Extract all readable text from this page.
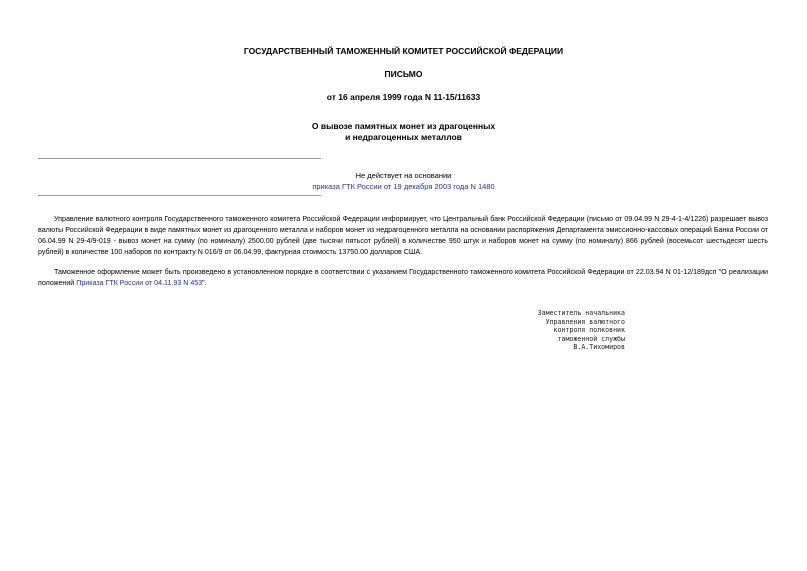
ГОСУДАРСТВЕННЫЙ ТАМОЖЕННЫЙ КОМИТЕТ РОССИЙСКОЙ ФЕДЕРАЦИИ
ПИСЬМО
от 16 апреля 1999 года N 11-15/11633
О вывозе памятных монет из драгоценных
и недрагоценных металлов
Не действует на основании
приказа ГТК России от 19 декабря 2003 года N 1480

Управление валютного контроля Государственного таможенного комитета Российской Федерации информирует, что Центральный банк Российской Федерации (письмо от 09.04.99 N 29-4-1-4/1226) разрешает вывоз валюты Российской Федерации в виде памятных монет из драгоценного металла и наборов монет из недрагоценного металла на основании распоряжения Департамента эмиссионно-кассовых операций Банка России от 06.04.99 N 29-4/9-019 - вывоз монет на сумму (по номиналу) 2500.00 рублей (две тысячи пятьсот рублей) в количестве 950 штук и наборов монет на сумму (по номиналу) 866 рублей (восемьсот шестьдесят шесть рублей) в количестве 100 наборов по контракту N 016/9 от 06.04.99, фактурная стоимость 13750.00 долларов США.

Таможенное оформление может быть произведено в установленном порядке в соответствии с указанием Государственного таможенного комитета Российской Федерации от 22.03.94 N 01-12/189дсп "О реализации положений Приказа ГТК России от 04.11.93 N 453".

Заместитель начальника
Управления валютного
контроля полковник
таможенной службы
В.А.Тихомиров
